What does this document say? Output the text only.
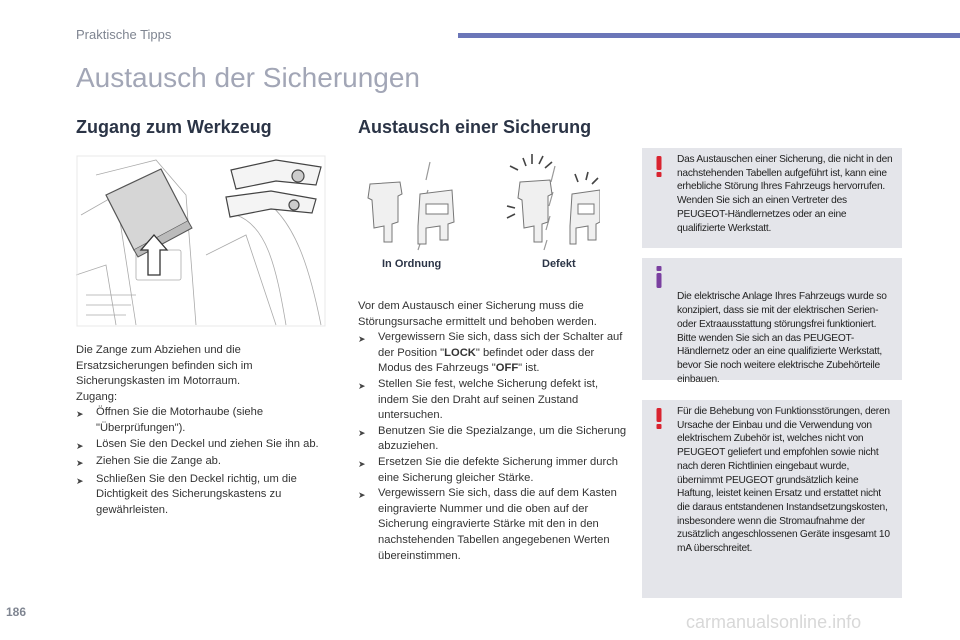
Praktische Tipps
Austausch der Sicherungen
Zugang zum Werkzeug

Die Zange zum Abziehen und die Ersatzsicherungen befinden sich im Sicherungskasten im Motorraum.

Zugang:

➤	Öffnen Sie die Motorhaube (siehe "Überprüfungen").
➤	Lösen Sie den Deckel und ziehen Sie ihn ab.
➤	Ziehen Sie die Zange ab.
➤	Schließen Sie den Deckel richtig, um die Dichtigkeit des Sicherungskastens zu gewährleisten.
Austausch einer Sicherung
In Ordnung	Defekt

Vor dem Austausch einer Sicherung muss die Störungsursache ermittelt und behoben werden.

➤	Vergewissern Sie sich, dass sich der Schalter auf der Position "LOCK" befindet oder dass der Modus des Fahrzeugs "OFF" ist.
➤	Stellen Sie fest, welche Sicherung defekt ist, indem Sie den Draht auf seinen Zustand untersuchen.
➤	Benutzen Sie die Spezialzange, um die Sicherung abzuziehen.
➤	Ersetzen Sie die defekte Sicherung immer durch eine Sicherung gleicher Stärke.
➤	Vergewissern Sie sich, dass die auf dem Kasten eingravierte Nummer und die oben auf der Sicherung eingravierte Stärke mit den in den nachstehenden Tabellen angegebenen Werten übereinstimmen.
Das Austauschen einer Sicherung, die nicht in den nachstehenden Tabellen aufgeführt ist, kann eine erhebliche Störung Ihres Fahrzeugs hervorrufen. Wenden Sie sich an einen Vertreter des PEUGEOT-Händlernetzes oder an eine qualifizierte Werkstatt.

Die elektrische Anlage Ihres Fahrzeugs wurde so konzipiert, dass sie mit der elektrischen Serien- oder Extraausstattung störungsfrei funktioniert.
Bitte wenden Sie sich an das PEUGEOT-Händlernetz oder an eine qualifizierte Werkstatt, bevor Sie noch weitere elektrische Zubehörteile einbauen.

Für die Behebung von Funktionsstörungen, deren Ursache der Einbau und die Verwendung von elektrischem Zubehör ist, welches nicht von PEUGEOT geliefert und empfohlen sowie nicht nach deren Richtlinien eingebaut wurde, übernimmt PEUGEOT grundsätzlich keine Haftung, leistet keinen Ersatz und erstattet nicht die daraus entstandenen Instandsetzungskosten, insbesondere wenn die Stromaufnahme der zusätzlich angeschlossenen Geräte insgesamt 10 mA überschreitet.
186	carmanualsonline.info
